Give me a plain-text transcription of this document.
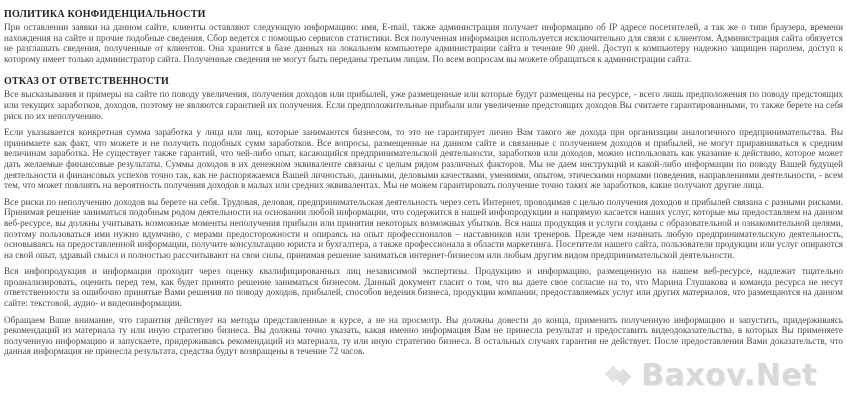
ПОЛИТИКА КОНФИДЕНЦИАЛЬНОСТИ

При оставлении заявки на данном сайте, клиенты оставляют следующую информацию: имя, E-mail, также администрация получает информацию об IP адресе посетителей, а так же о типе браузера, времени нахождения на сайте и прочие подобные сведения. Сбор ведется с помощью сервисов статистики. Вся полученная информация используется исключительно для связи с клиентом. Администрация сайта обязуется не разглашать сведения, полученные от клиентов. Она хранится в базе данных на локальном компьютере администрации сайта в течение 90 дней. Доступ к компьютеру надежно защищен паролем, доступ к которому имеет только администратор сайта. Полученные сведения не могут быть переданы третьим лицам. По всем вопросам вы можете обращаться к администрации сайта.

ОТКАЗ ОТ ОТВЕТСТВЕННОСТИ

Все высказывания и примеры на сайте по поводу увеличения, получения доходов или прибылей, уже размещенные или которые будут размещены на ресурсе, - всего лишь предположения по поводу предстоящих или текущих заработков, доходов, поэтому не являются гарантией их получения. Если предположительные прибыли или увеличение предстоящих доходов Вы считаете гарантированными, то также берете на себя риск по их неполучению.

Если указывается конкретная сумма заработка у лица или лиц, которые занимаются бизнесом, то это не гарантирует лично Вам такого же дохода при организации аналогичного предпринимательства. Вы принимаете как факт, что можете и не получить подобных сумм заработков. Все вопросы, размещенные на данном сайте и связанные с получением доходов и прибылей, не могут приравниваться к средним величинам заработка. Не существует также гарантий, что чей-либо опыт, касающийся предпринимательской деятельности, заработков или доходов, можно использовать как указание к действию, которое может дать желаемые финансовые результаты. Суммы доходов в их денежном эквиваленте связаны с целым рядом различных факторов. Мы не даем инструкций и какой-либо информации по поводу Вашей будущей деятельности и финансовых успехов точно так, как не распоряжаемся Вашей личностью, данными, деловыми качествами, умениями, опытом, этическими нормами поведения, направлениями деятельности, - всем тем, что может повлиять на вероятность получения доходов в малых или средних эквивалентах. Мы не можем гарантировать получение точно таких же заработков, какие получают другие лица.

Все риски по неполучению доходов вы берете на себя. Трудовая, деловая, предпринимательская деятельность через сеть Интернет, проводимая с целью получения доходов и прибылей связана с разными рисками. Принимая решение заниматься подобным родом деятельности на основании любой информации, что содержится в нашей инфопродукции и напрямую касается наших услуг, которые мы предоставляем на данном веб-ресурсе, вы должны учитывать возможные моменты неполучения прибыли или принятия некоторых возможных убытков. Вся наша продукция и услуги созданы с образовательной и ознакомительной целями, поэтому пользоваться ими нужно вдумчиво, с мерами предосторожности и опираясь на опыт профессионалов – наставников или тренеров. Прежде чем начинать любую предпринимательскую деятельность, основываясь на предоставленной информации, получите консультацию юриста и бухгалтера, а также профессионала в области маркетинга. Посетители нашего сайта, пользователи продукции или услуг опираются на свой опыт, здравый смысл и полностью рассчитывают на свои силы, принимая решение заниматься интернет-бизнесом или любым другим видом предпринимательской деятельности.

Вся инфопродукция и информация проходит через оценку квалифицированных лиц независимой экспертизы. Продукцию и информацию, размещенную на нашем веб-ресурсе, надлежит тщательно проанализировать, оценить перед тем, как будет принято решение заниматься бизнесом. Данный документ гласит о том, что вы даете свое согласие на то, что Марина Глушакова и команда ресурса не несут ответственности за ошибочно принятые Вами решения по поводу доходов, прибылей, способов ведения бизнеса, продукции компании, предоставляемых услуг или других материалов, что размещаются на данном сайте: текстовой, аудио- и видеоинформации.

Обращаем Ваше внимание, что гарантия действует на методы представленные в курсе, а не на просмотр. Вы должны довести до конца, применить полученную информацию и запустить, придерживаясь рекомендаций из материала ту или иную стратегию бизнеса. Вы должны точно указать, какая именно информация Вам не принесла результат и предоставить видеодоказательства, в которых Вы применяете полученную информацию и запускаете, придерживаясь рекомендаций из материала, ту или иную стратегию бизнеса. В остальных случаях гарантия не действует. После предоставления Вами доказательств, что данная информация не принесла результата, средства будут возвращены в течение 72 часов.

Baxov.Net
